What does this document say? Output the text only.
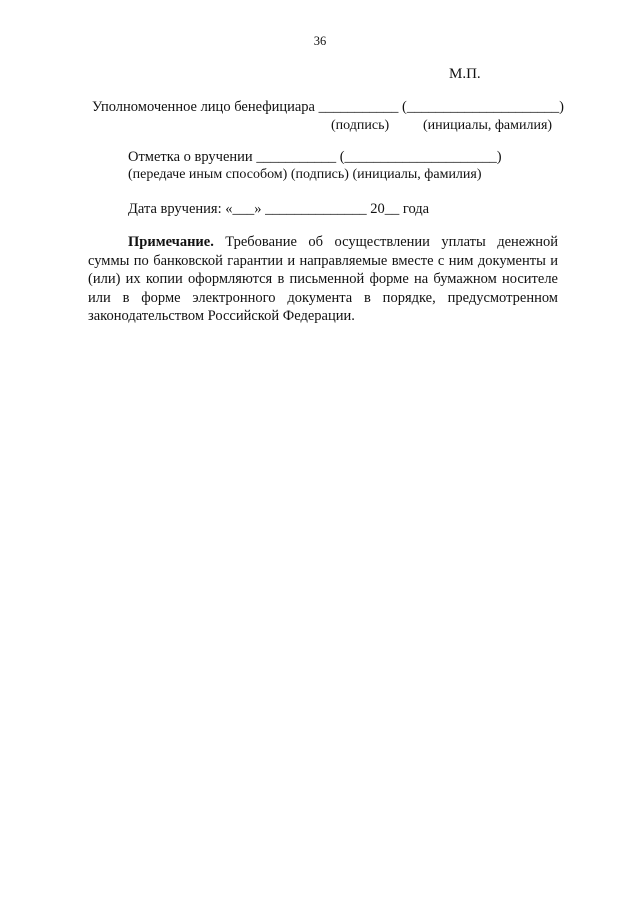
36
М.П.
Уполномоченное лицо бенефициара ___________ (_____________________)
(подпись) (инициалы, фамилия)
Отметка о вручении ___________ (_____________________)
(передаче иным способом) (подпись) (инициалы, фамилия)
Дата вручения: «___» ______________ 20__ года
Примечание. Требование об осуществлении уплаты денежной суммы по банковской гарантии и направляемые вместе с ним документы и (или) их копии оформляются в письменной форме на бумажном носителе или в форме электронного документа в порядке, предусмотренном законодательством Российской Федерации.
